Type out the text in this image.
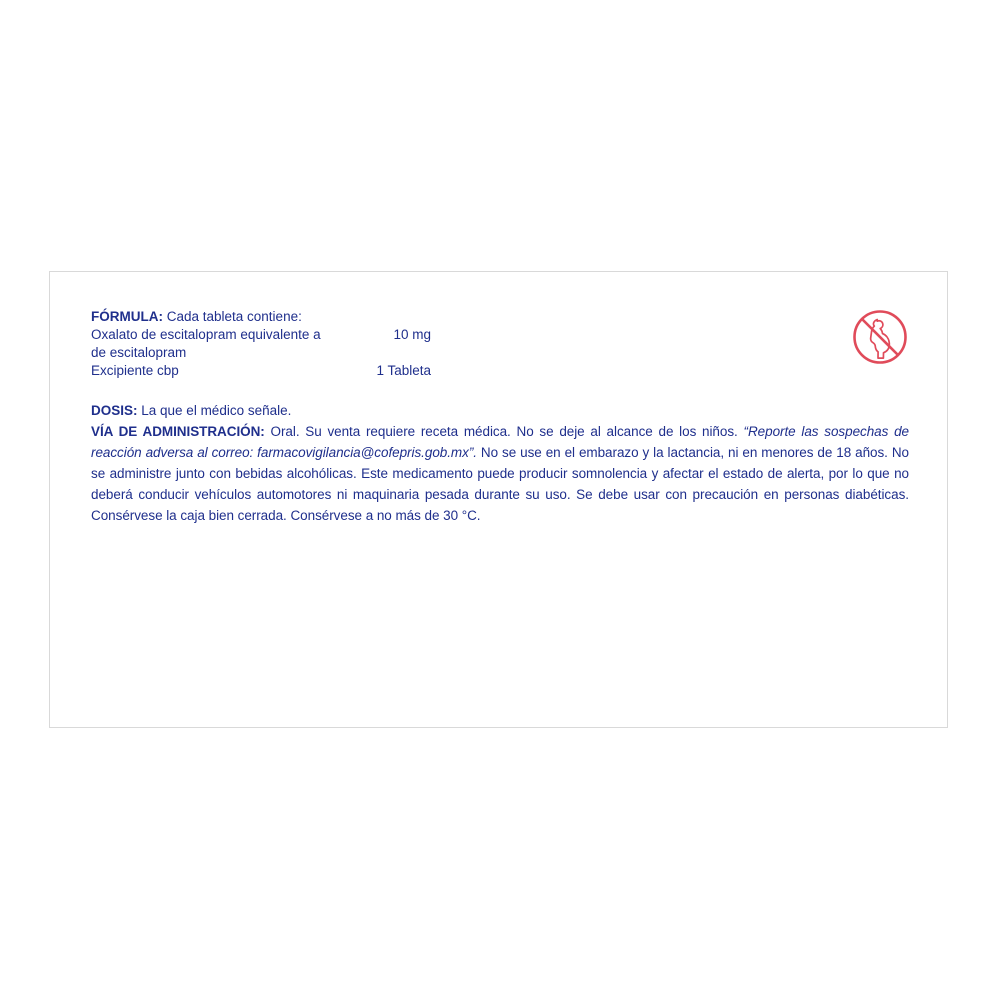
FÓRMULA: Cada tableta contiene:
Oxalato de escitalopram equivalente a de escitalopram
10 mg
Excipiente cbp	1 Tableta
DOSIS: La que el médico señale.
VÍA DE ADMINISTRACIÓN: Oral. Su venta requiere receta médica. No se deje al alcance de los niños. “Reporte las sospechas de reacción adversa al correo: farmacovigilancia@cofepris.gob.mx”. No se use en el embarazo y la lactancia, ni en menores de 18 años. No se administre junto con bebidas alcohólicas. Este medicamento puede producir somnolencia y afectar el estado de alerta, por lo que no deberá conducir vehículos automotores ni maquinaria pesada durante su uso. Se debe usar con precaución en personas diabéticas. Consérvese la caja bien cerrada. Consérvese a no más de 30 °C.
